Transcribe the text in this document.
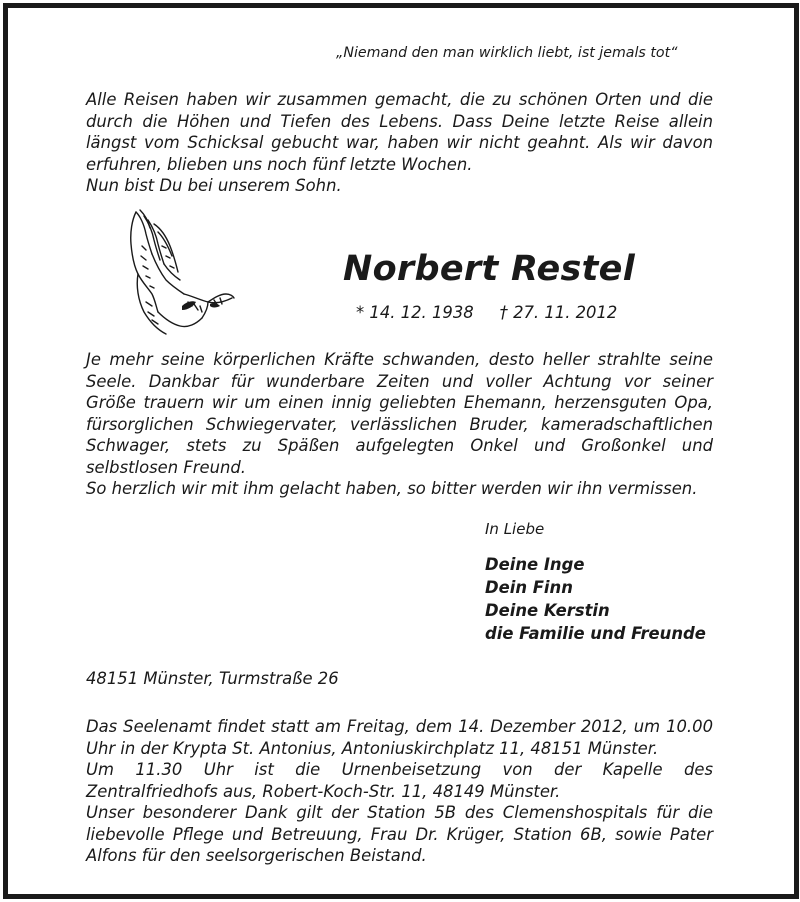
„Niemand den man wirklich liebt, ist jemals tot“
Alle Reisen haben wir zusammen gemacht, die zu schönen Orten und die
durch die Höhen und Tiefen des Lebens. Dass Deine letzte Reise allein
längst vom Schicksal gebucht war, haben wir nicht geahnt. Als wir davon
erfuhren, blieben uns noch fünf letzte Wochen.
Nun bist Du bei unserem Sohn.
Norbert Restel
* 14. 12. 1938 † 27. 11. 2012
Je mehr seine körperlichen Kräfte schwanden, desto heller strahlte seine
Seele. Dankbar für wunderbare Zeiten und voller Achtung vor seiner
Größe trauern wir um einen innig geliebten Ehemann, herzensguten Opa,
fürsorglichen Schwiegervater, verlässlichen Bruder, kameradschaftlichen
Schwager, stets zu Späßen aufgelegten Onkel und Großonkel und
selbstlosen Freund.
So herzlich wir mit ihm gelacht haben, so bitter werden wir ihn vermissen.
In Liebe
Deine Inge
Dein Finn
Deine Kerstin
die Familie und Freunde
48151 Münster, Turmstraße 26
Das Seelenamt findet statt am Freitag, dem 14. Dezember 2012, um 10.00
Uhr in der Krypta St. Antonius, Antoniuskirchplatz 11, 48151 Münster.
Um 11.30 Uhr ist die Urnenbeisetzung von der Kapelle des
Zentralfriedhofs aus, Robert-Koch-Str. 11, 48149 Münster.
Unser besonderer Dank gilt der Station 5B des Clemenshospitals für die
liebevolle Pflege und Betreuung, Frau Dr. Krüger, Station 6B, sowie Pater
Alfons für den seelsorgerischen Beistand.
